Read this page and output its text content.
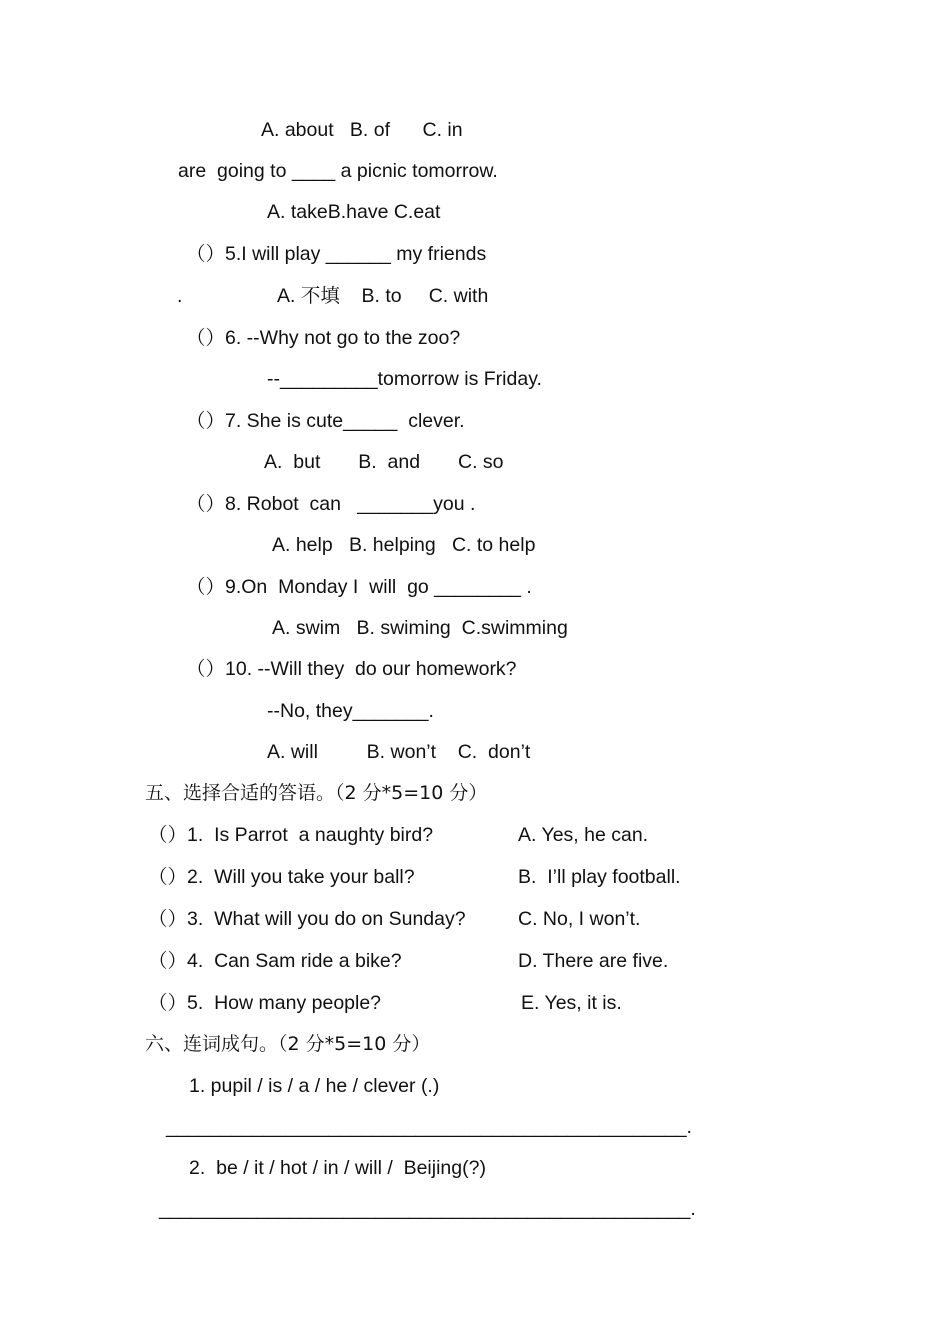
A. about   B. of      C. in
are  going to ____ a picnic tomorrow.
A. takeB.have C.eat
（）5.I will play ______ my friends
.	A. 不填    B. to     C. with
（）6. --Why not go to the zoo?
--_________tomorrow is Friday.
（）7. She is cute_____  clever.
A.  but       B.  and       C. so
（）8. Robot  can   _______you .
A. help   B. helping   C. to help
（）9.On  Monday I  will  go ________ .
A. swim   B. swiming  C.swimming
（）10. --Will they  do our homework?
--No, they_______.
A. will         B. won’t    C.  don’t
五、选择合适的答语。（2 分*5=10 分）
（）1.  Is Parrot  a naughty bird?	A. Yes, he can.
（）2.  Will you take your ball?	B.  I’ll play football.
（）3.  What will you do on Sunday?	C. No, I won’t.
（）4.  Can Sam ride a bike?	D. There are five.
（）5.  How many people?	E. Yes, it is.
六、连词成句。（2 分*5=10 分）
1. pupil / is / a / he / clever (.)
________________________________________________.
2.  be / it / hot / in / will /  Beijing(?)
_________________________________________________.
